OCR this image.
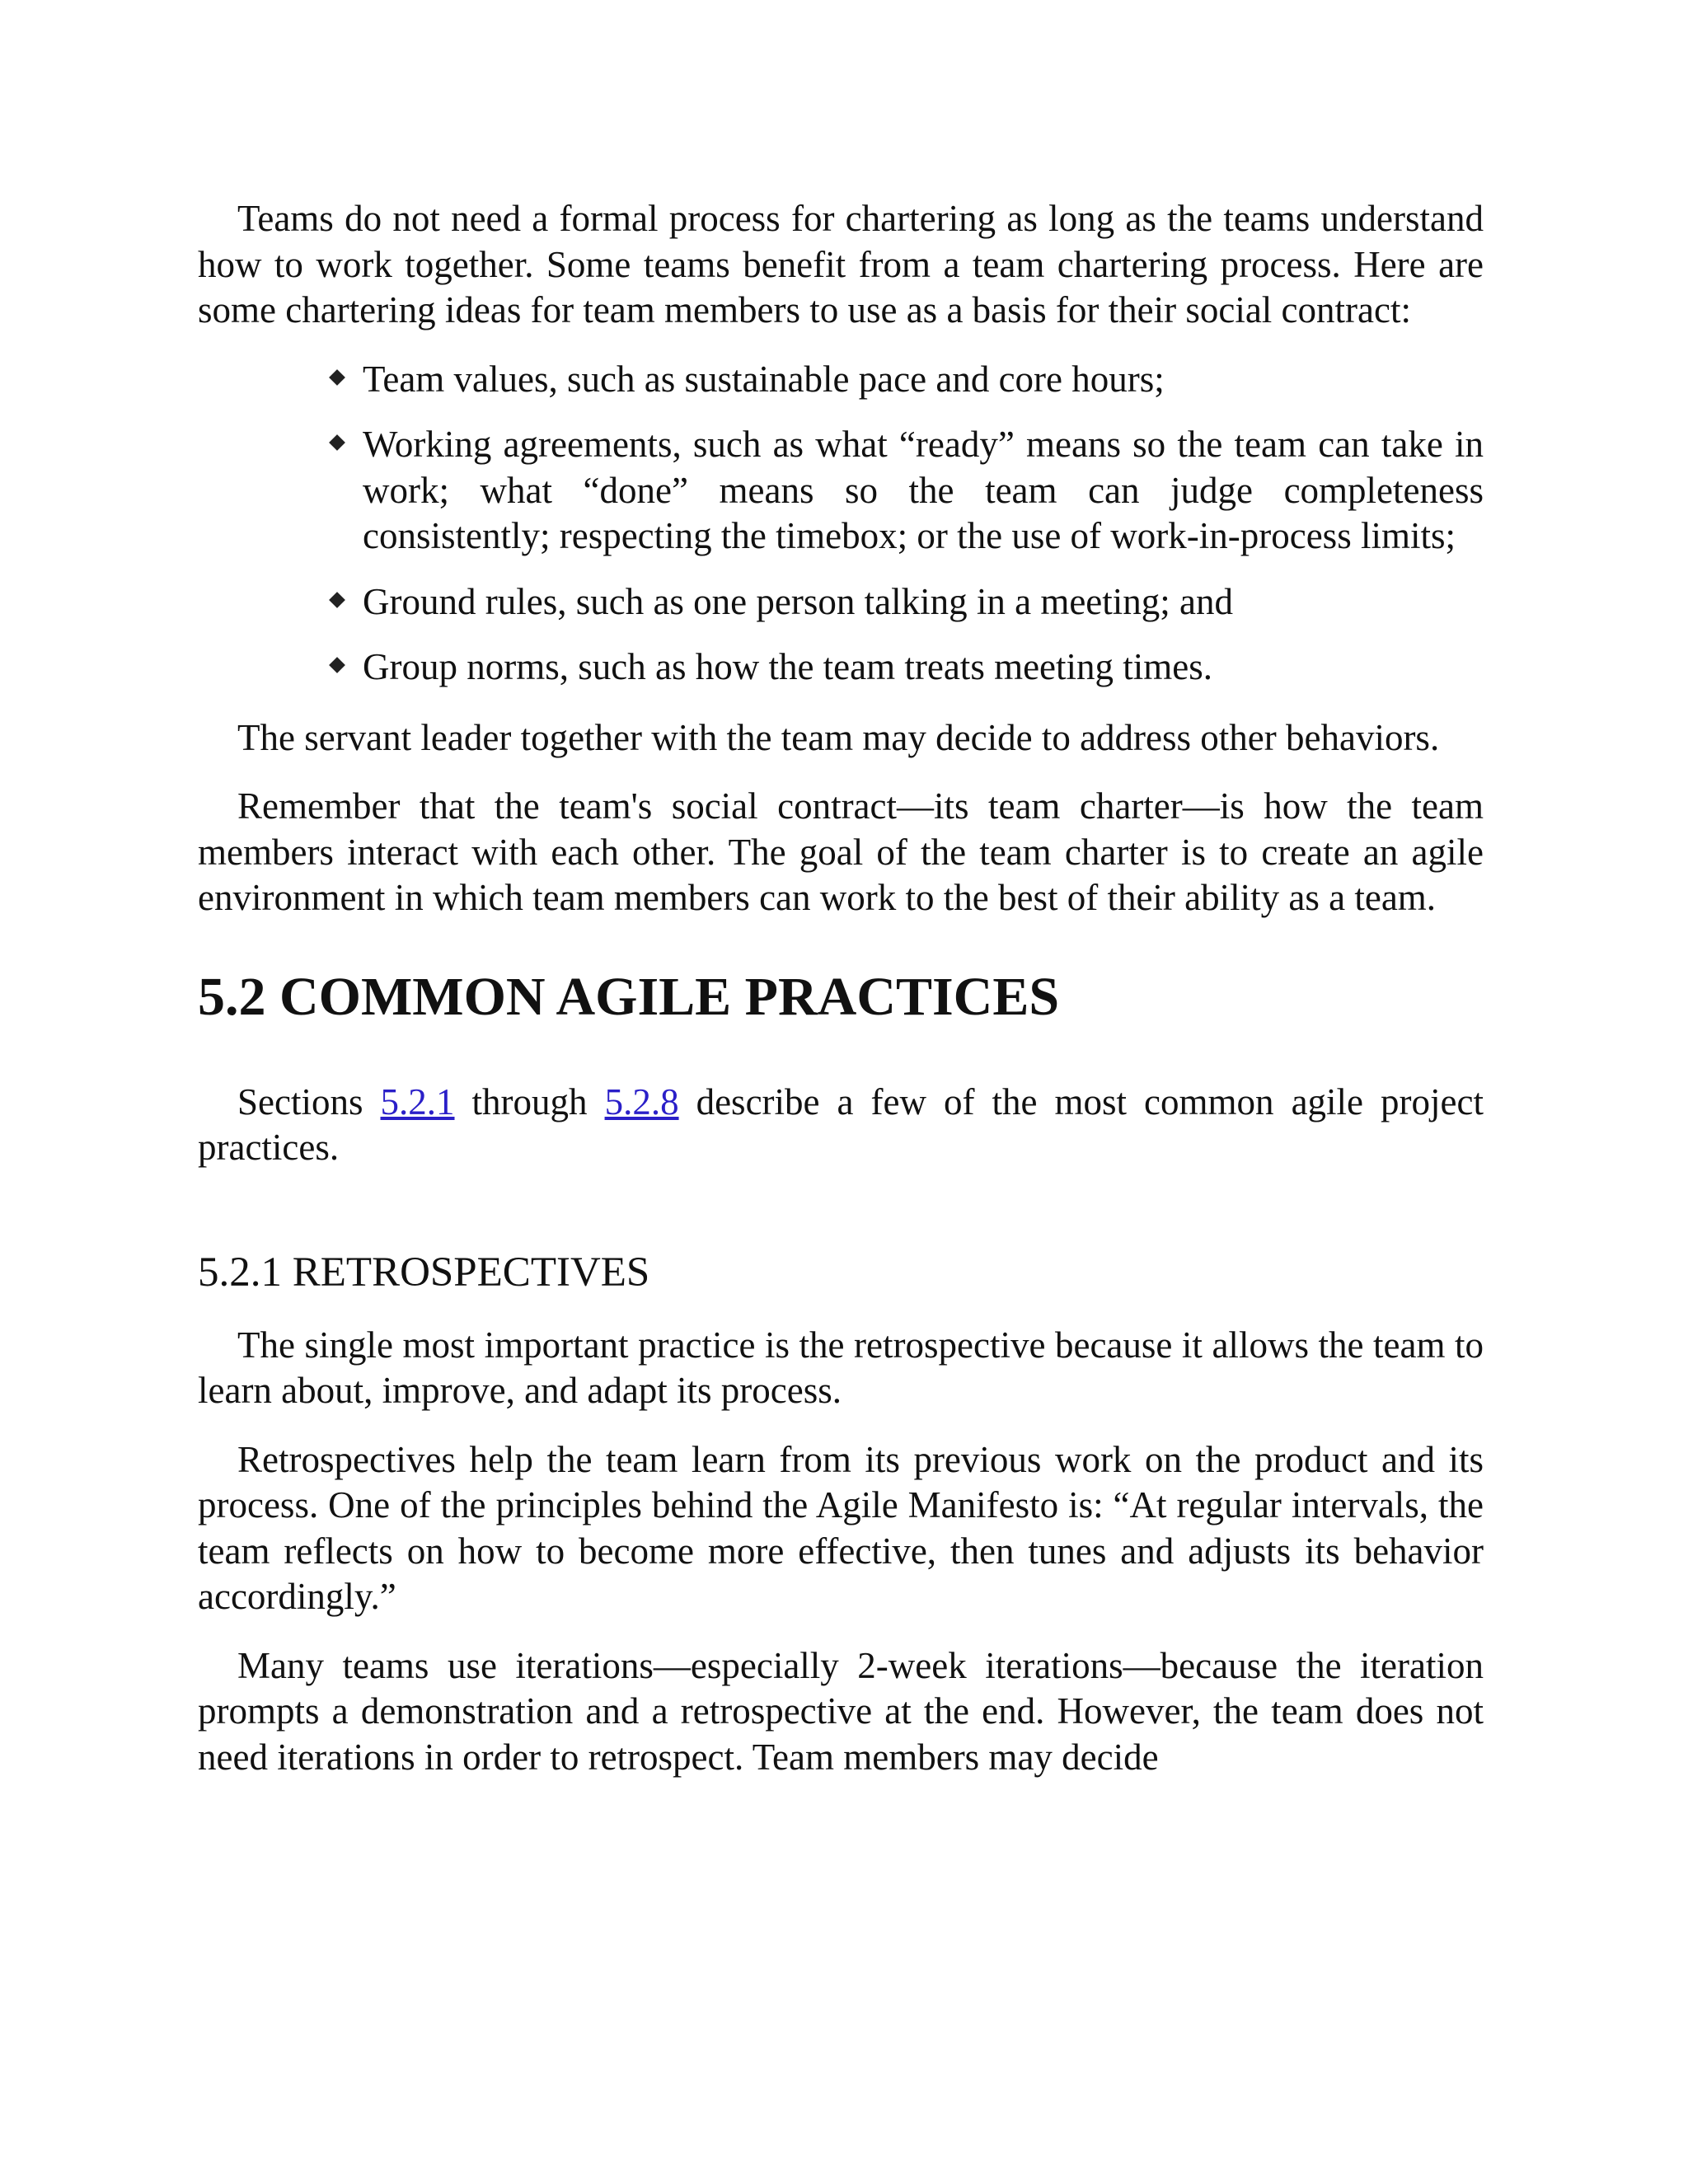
Teams do not need a formal process for chartering as long as the teams understand how to work together. Some teams benefit from a team chartering process. Here are some chartering ideas for team members to use as a basis for their social contract:

Team values, such as sustainable pace and core hours;
Working agreements, such as what “ready” means so the team can take in work; what “done” means so the team can judge completeness consistently; respecting the timebox; or the use of work-in-process limits;
Ground rules, such as one person talking in a meeting; and
Group norms, such as how the team treats meeting times.

The servant leader together with the team may decide to address other behaviors.

Remember that the team's social contract—its team charter—is how the team members interact with each other. The goal of the team charter is to create an agile environment in which team members can work to the best of their ability as a team.

5.2 COMMON AGILE PRACTICES

Sections 5.2.1 through 5.2.8 describe a few of the most common agile project practices.

5.2.1 RETROSPECTIVES

The single most important practice is the retrospective because it allows the team to learn about, improve, and adapt its process.

Retrospectives help the team learn from its previous work on the product and its process. One of the principles behind the Agile Manifesto is: “At regular intervals, the team reflects on how to become more effective, then tunes and adjusts its behavior accordingly.”

Many teams use iterations—especially 2-week iterations—because the iteration prompts a demonstration and a retrospective at the end. However, the team does not need iterations in order to retrospect. Team members may decide
